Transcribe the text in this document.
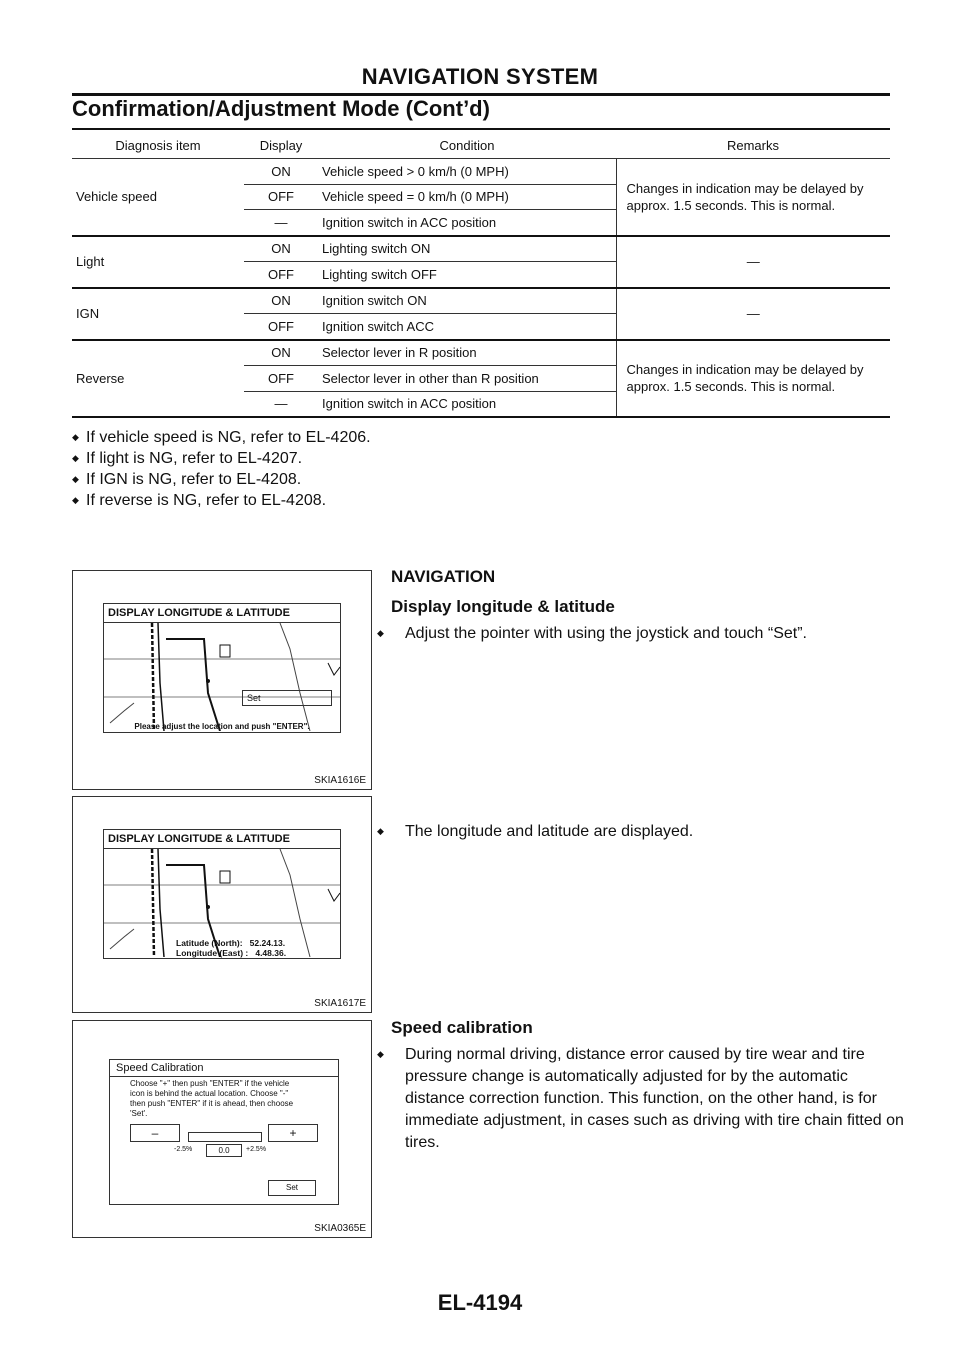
NAVIGATION SYSTEM
Confirmation/Adjustment Mode (Cont’d)
Diagnosis item	Display	Condition	Remarks
Vehicle speed	ON	Vehicle speed > 0 km/h (0 MPH)	Changes in indication may be delayed by approx. 1.5 seconds. This is normal.
	OFF	Vehicle speed = 0 km/h (0 MPH)	
	—	Ignition switch in ACC position	
Light	ON	Lighting switch ON	—
	OFF	Lighting switch OFF	
IGN	ON	Ignition switch ON	—
	OFF	Ignition switch ACC	
Reverse	ON	Selector lever in R position	Changes in indication may be delayed by approx. 1.5 seconds. This is normal.
	OFF	Selector lever in other than R position	
	—	Ignition switch in ACC position	
◆ If vehicle speed is NG, refer to EL-4206.
◆ If light is NG, refer to EL-4207.
◆ If IGN is NG, refer to EL-4208.
◆ If reverse is NG, refer to EL-4208.
DISPLAY LONGITUDE & LATITUDE
Set
Please adjust the location and push "ENTER".
SKIA1616E
NAVIGATION
Display longitude & latitude
◆ Adjust the pointer with using the joystick and touch “Set”.
DISPLAY LONGITUDE & LATITUDE
Latitude (North): 52.24.13.
Longitude (East) : 4.48.36.
SKIA1617E
◆ The longitude and latitude are displayed.
Speed Calibration
Choose "+" then push "ENTER" if the vehicle icon is behind the actual location. Choose "-" then push "ENTER" if it is ahead, then choose 'Set'.
–	+
-2.5%	0.0	+2.5%
Set
SKIA0365E
Speed calibration
◆ During normal driving, distance error caused by tire wear and tire pressure change is automatically adjusted for by the automatic distance correction function. This function, on the other hand, is for immediate adjustment, in cases such as driving with tire chain fitted on tires.
EL-4194
